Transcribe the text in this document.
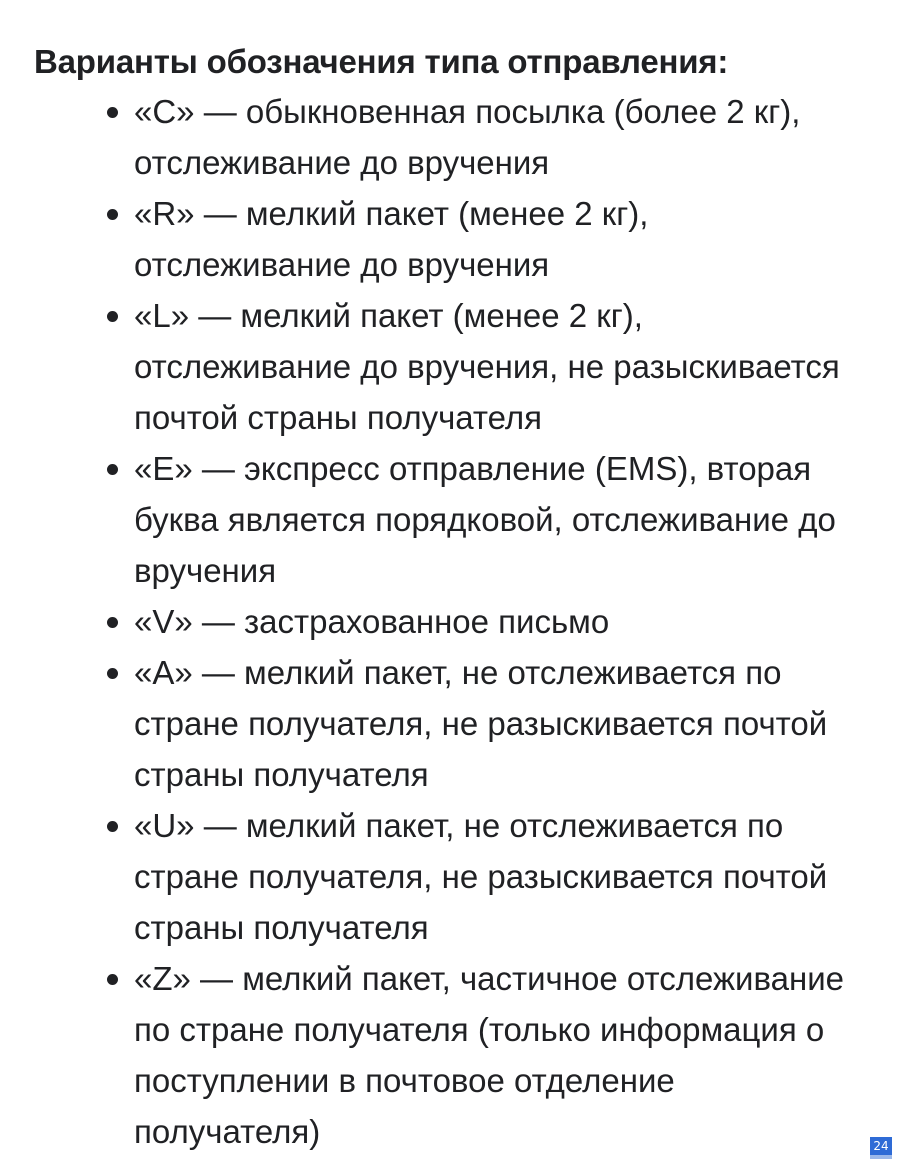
Варианты обозначения типа отправления:

«С» — обыкновенная посылка (более 2 кг), отслеживание до вручения
«R» — мелкий пакет (менее 2 кг), отслеживание до вручения
«L» — мелкий пакет (менее 2 кг), отслеживание до вручения, не разыскивается почтой страны получателя
«E» — экспресс отправление (EMS), вторая буква является порядковой, отслеживание до вручения
«V» — застрахованное письмо
«A» — мелкий пакет, не отслеживается по стране получателя, не разыскивается почтой страны получателя
«U» — мелкий пакет, не отслеживается по стране получателя, не разыскивается почтой страны получателя
«Z» — мелкий пакет, частичное отслеживание по стране получателя (только информация о поступлении в почтовое отделение получателя)	24
